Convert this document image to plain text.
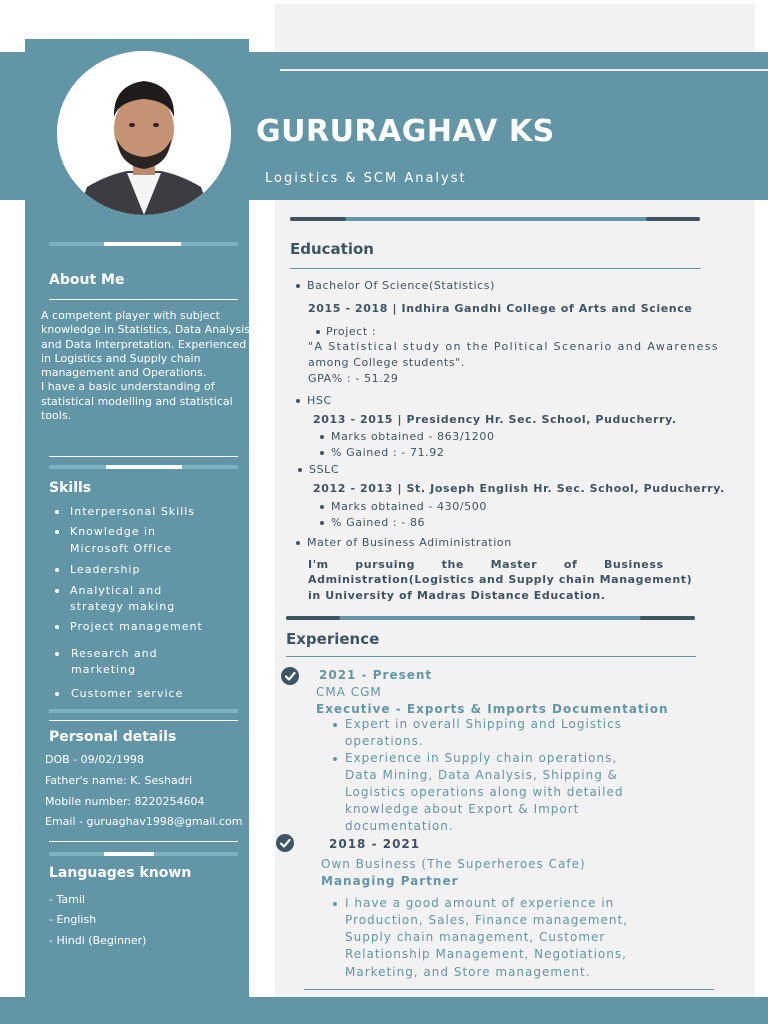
GURURAGHAV KS
Logistics & SCM Analyst
About Me
A competent player with subject
knowledge in Statistics, Data Analysis
and Data Interpretation. Experienced
in Logistics and Supply chain
management and Operations.
I have a basic understanding of
statistical modelling and statistical
tools.
Skills
Interpersonal Skills
Knowledge in
Microsoft Office
Leadership
Analytical and
strategy making
Project management
Research and
marketing
Customer service
Personal details
DOB - 09/02/1998
Father's name: K. Seshadri
Mobile number: 8220254604
Email - guruaghav1998@gmail.com
Languages known
- Tamil
- English
- Hindi (Beginner)
Education
Bachelor Of Science(Statistics)
2015 - 2018 | Indhira Gandhi College of Arts and Science
Project :
"A Statistical study on the Political Scenario and Awareness
among College students".
GPA% : - 51.29
HSC
2013 - 2015 | Presidency Hr. Sec. School, Puducherry.
Marks obtained - 863/1200
% Gained : - 71.92
SSLC
2012 - 2013 | St. Joseph English Hr. Sec. School, Puducherry.
Marks obtained - 430/500
% Gained : - 86
Mater of Business Adiministration
I'm      pursuing      the      Master      of      Business
Administration(Logistics and Supply chain Management)
in University of Madras Distance Education.
Experience
2021 - Present
CMA CGM
Executive - Exports & Imports Documentation
Expert in overall Shipping and Logistics
operations.
Experience in Supply chain operations,
Data Mining, Data Analysis, Shipping &
Logistics operations along with detailed
knowledge about Export & Import
documentation.
2018 - 2021
Own Business (The Superheroes Cafe)
Managing Partner
I have a good amount of experience in
Production, Sales, Finance management,
Supply chain management, Customer
Relationship Management, Negotiations,
Marketing, and Store management.
